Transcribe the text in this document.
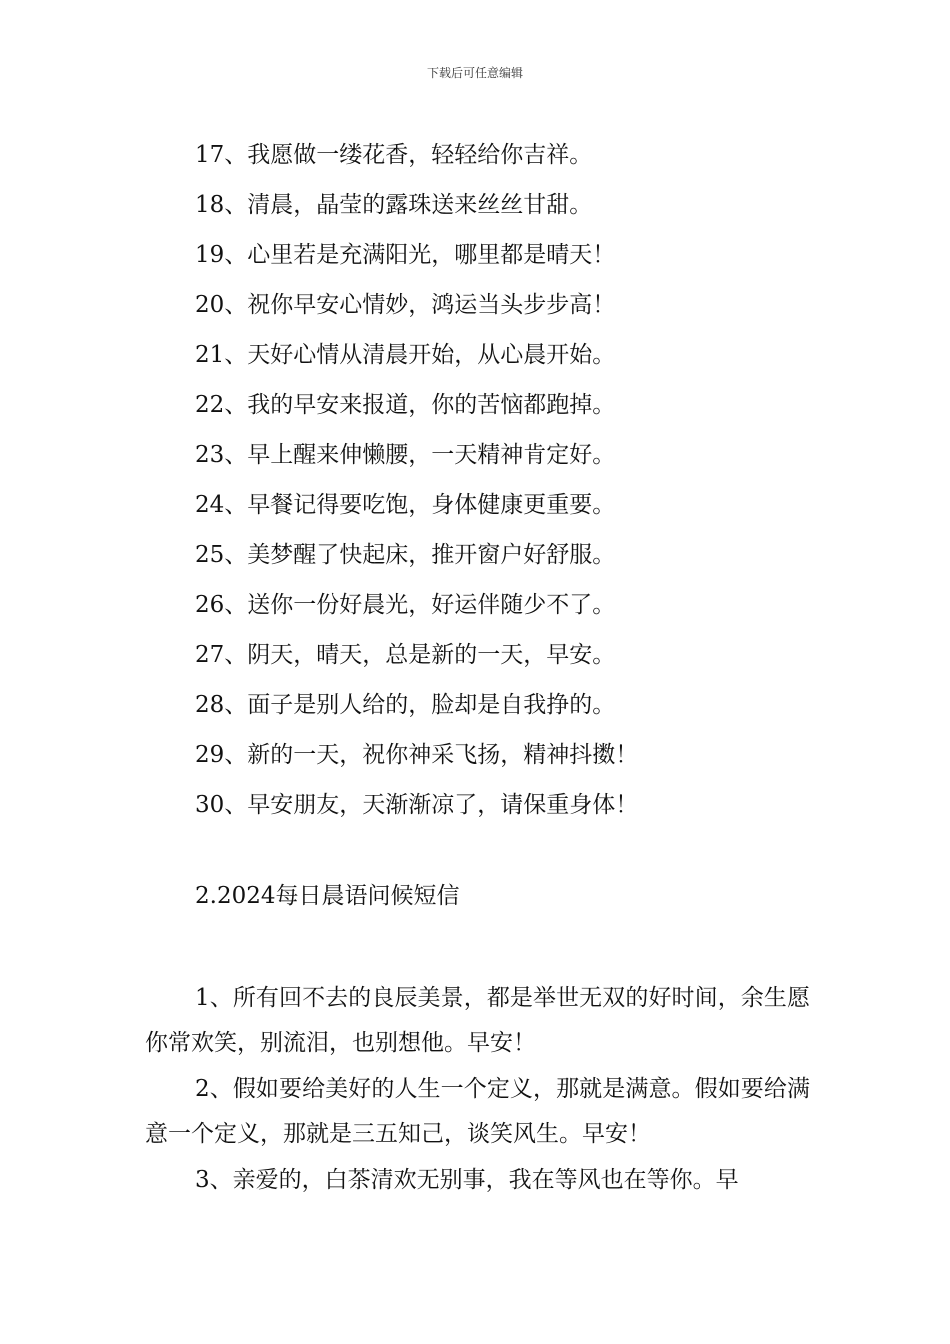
下载后可任意编辑
17、我愿做一缕花香，轻轻给你吉祥。
18、清晨，晶莹的露珠送来丝丝甘甜。
19、心里若是充满阳光，哪里都是晴天！
20、祝你早安心情妙，鸿运当头步步高！
21、天好心情从清晨开始，从心晨开始。
22、我的早安来报道，你的苦恼都跑掉。
23、早上醒来伸懒腰，一天精神肯定好。
24、早餐记得要吃饱，身体健康更重要。
25、美梦醒了快起床，推开窗户好舒服。
26、送你一份好晨光，好运伴随少不了。
27、阴天，晴天，总是新的一天，早安。
28、面子是别人给的，脸却是自我挣的。
29、新的一天，祝你神采飞扬，精神抖擞！
30、早安朋友，天渐渐凉了，请保重身体！
2.2024每日晨语问候短信

1、所有回不去的良辰美景，都是举世无双的好时间，余生愿你常欢笑，别流泪，也别想他。早安！

2、假如要给美好的人生一个定义，那就是满意。假如要给满意一个定义，那就是三五知己，谈笑风生。早安！

3、亲爱的，白茶清欢无别事，我在等风也在等你。早
